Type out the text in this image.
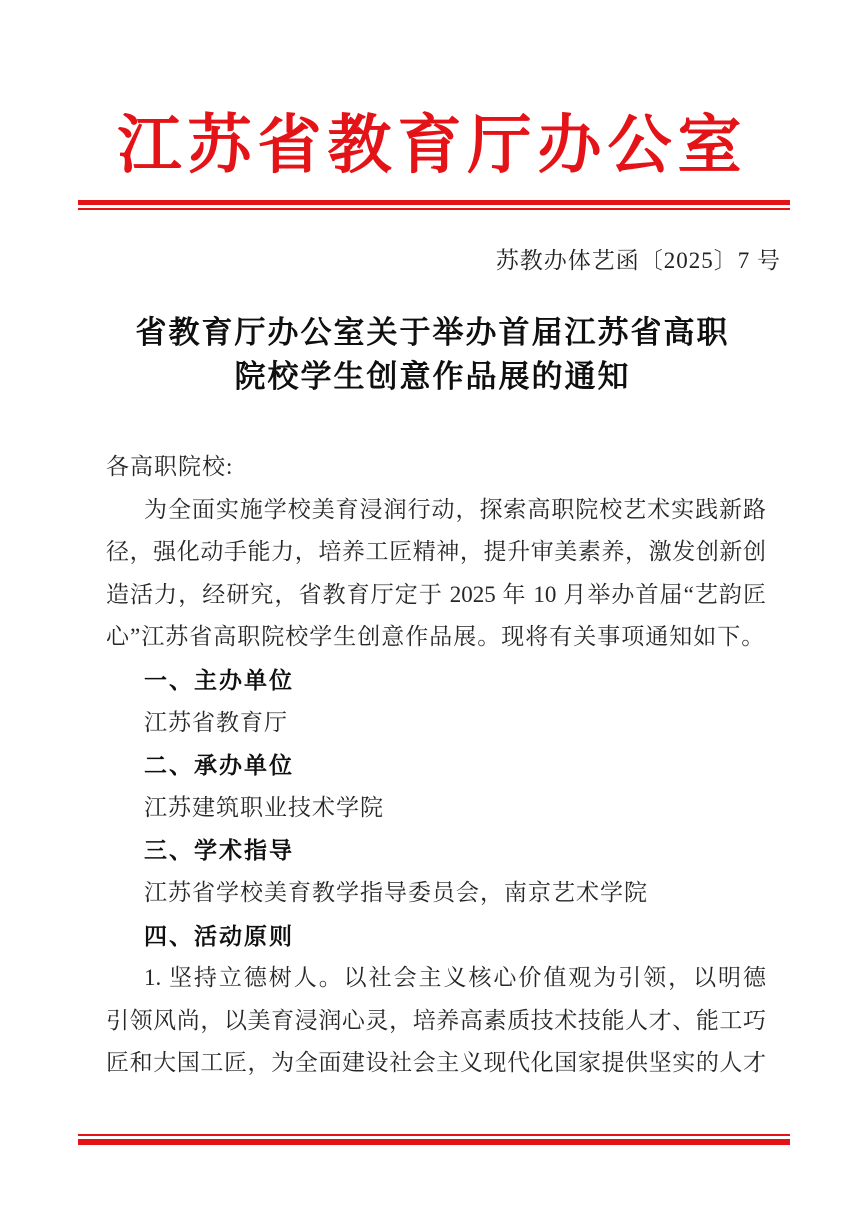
江苏省教育厅办公室
苏教办体艺函〔2025〕7 号
省教育厅办公室关于举办首届江苏省高职
院校学生创意作品展的通知
各高职院校:
为全面实施学校美育浸润行动，探索高职院校艺术实践新路
径，强化动手能力，培养工匠精神，提升审美素养，激发创新创
造活力，经研究，省教育厅定于 2025 年 10 月举办首届“艺韵匠
心”江苏省高职院校学生创意作品展。现将有关事项通知如下。
一、主办单位
江苏省教育厅
二、承办单位
江苏建筑职业技术学院
三、学术指导
江苏省学校美育教学指导委员会，南京艺术学院
四、活动原则
1. 坚持立德树人。以社会主义核心价值观为引领，以明德
引领风尚，以美育浸润心灵，培养高素质技术技能人才、能工巧
匠和大国工匠，为全面建设社会主义现代化国家提供坚实的人才
